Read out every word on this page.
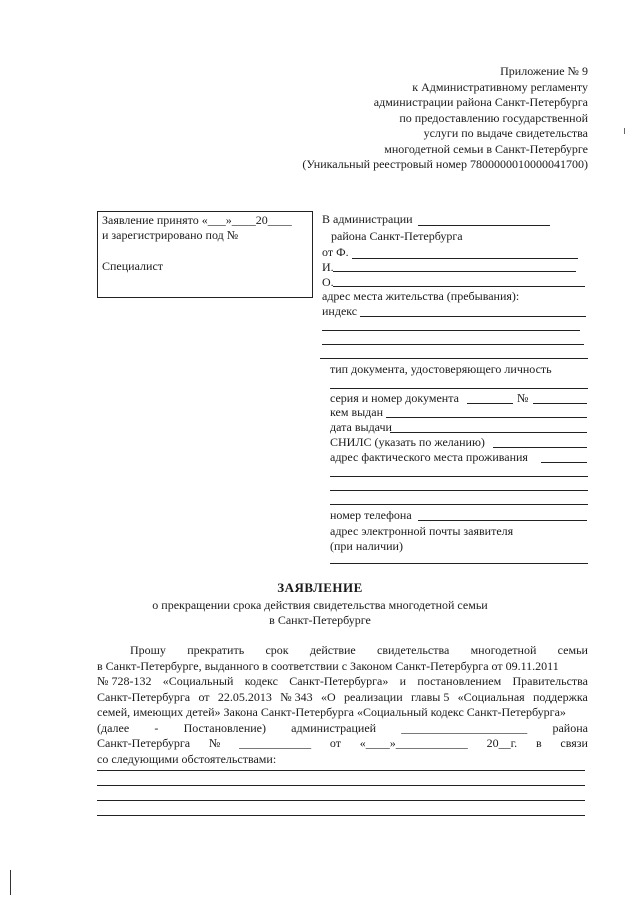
Приложение № 9
к Административному регламенту
администрации района Санкт-Петербурга
по предоставлению государственной
услуги по выдаче свидетельства
многодетной семьи в Санкт-Петербурге
(Уникальный реестровый номер 7800000010000041700)
Заявление принято «___»____20____
и зарегистрировано под №
Специалист
В администрации
района Санкт-Петербурга
от Ф.
И.
О.
адрес места жительства (пребывания):
индекс
тип документа, удостоверяющего личность
серия и номер документа	№
кем выдан
дата выдачи
СНИЛС (указать по желанию)
адрес фактического места проживания
номер телефона
адрес электронной почты заявителя
(при наличии)
ЗАЯВЛЕНИЕ
о прекращении срока действия свидетельства многодетной семьи
в Санкт-Петербурге
Прошу прекратить срок действие свидетельства многодетной семьи
в Санкт-Петербурге, выданного в соответствии с Законом Санкт-Петербурга от 09.11.2011
№ 728-132 «Социальный кодекс Санкт-Петербурга» и постановлением Правительства
Санкт-Петербурга от 22.05.2013 № 343 «О реализации главы 5 «Социальная поддержка
семей, имеющих детей» Закона Санкт-Петербурга «Социальный кодекс Санкт-Петербурга»
(далее - Постановление) администрацией _____________________ района
Санкт-Петербурга № ____________ от «____»____________ 20__г. в связи
со следующими обстоятельствами:
